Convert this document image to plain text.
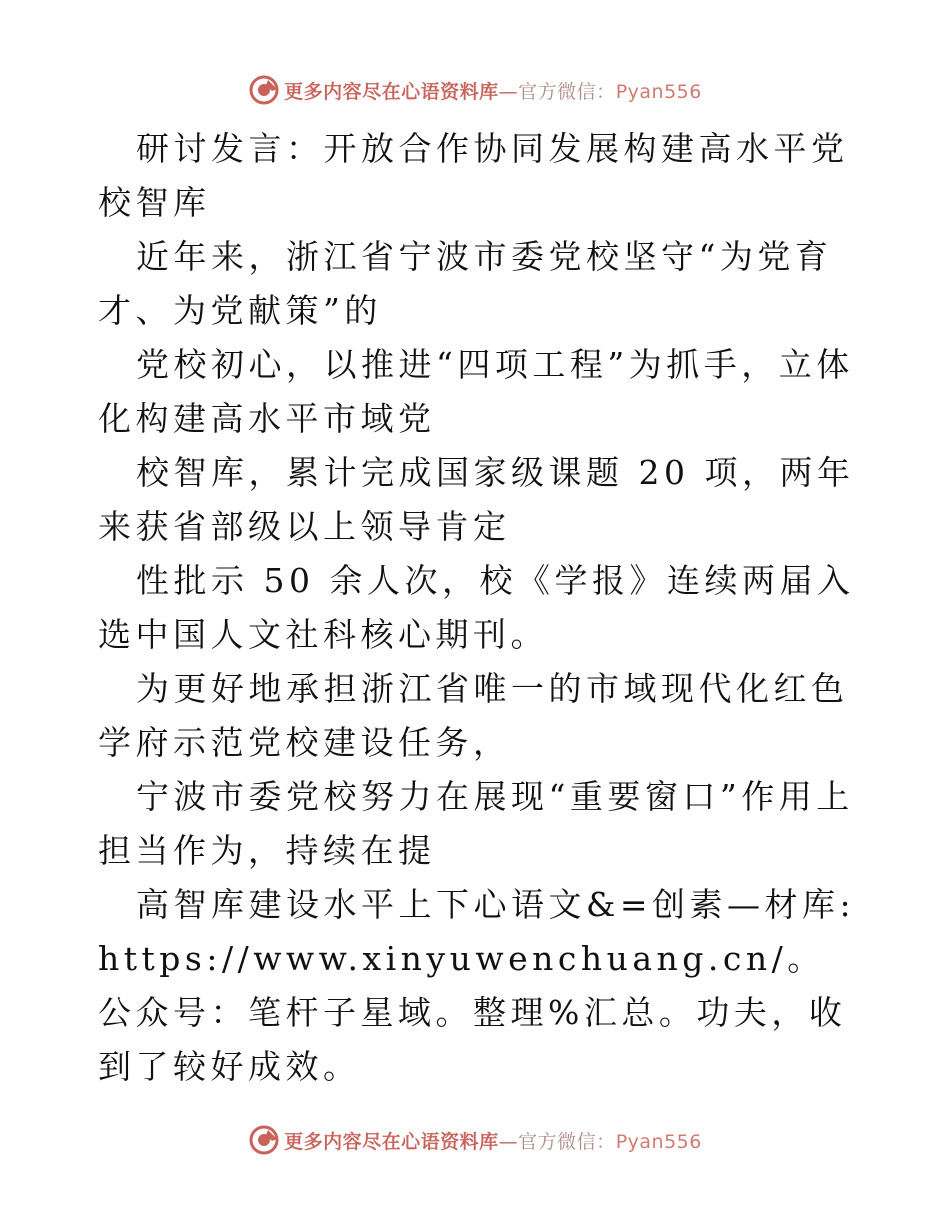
更多内容尽在心语资料库—官方微信：Pyan556

研讨发言：开放合作协同发展构建高水平党校智库

近年来，浙江省宁波市委党校坚守“为党育才、为党献策”的

党校初心，以推进“四项工程”为抓手，立体化构建高水平市域党

校智库，累计完成国家级课题 20 项，两年来获省部级以上领导肯定

性批示 50 余人次，校《学报》连续两届入选中国人文社科核心期刊。

为更好地承担浙江省唯一的市域现代化红色学府示范党校建设任务，

宁波市委党校努力在展现“重要窗口”作用上担当作为，持续在提

高智库建设水平上下心语文&=创素—材库:https://www.xinyuwenchuang.cn/。公众号：笔杆子星域。整理%汇总。功夫，收到了较好成效。

更多内容尽在心语资料库—官方微信：Pyan556
